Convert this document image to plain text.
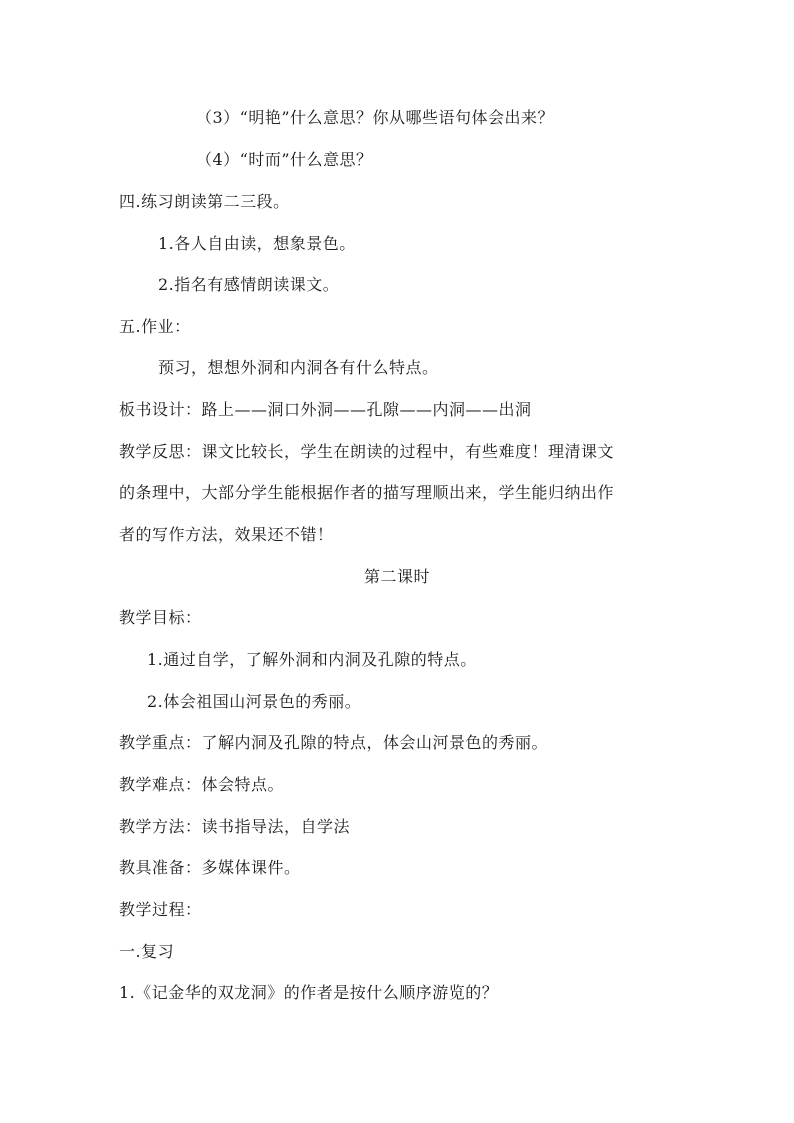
（3）“明艳”什么意思？你从哪些语句体会出来？
（4）“时而”什么意思？
四.练习朗读第二三段。
1.各人自由读，想象景色。
2.指名有感情朗读课文。
五.作业：
预习，想想外洞和内洞各有什么特点。
板书设计：路上——洞口外洞——孔隙——内洞——出洞
教学反思：课文比较长，学生在朗读的过程中，有些难度！理清课文
的条理中，大部分学生能根据作者的描写理顺出来，学生能归纳出作
者的写作方法，效果还不错！
第二课时
教学目标：
1.通过自学，了解外洞和内洞及孔隙的特点。
2.体会祖国山河景色的秀丽。
教学重点：了解内洞及孔隙的特点，体会山河景色的秀丽。
教学难点：体会特点。
教学方法：读书指导法，自学法
教具准备：多媒体课件。
教学过程：
一.复习
1.《记金华的双龙洞》的作者是按什么顺序游览的？
